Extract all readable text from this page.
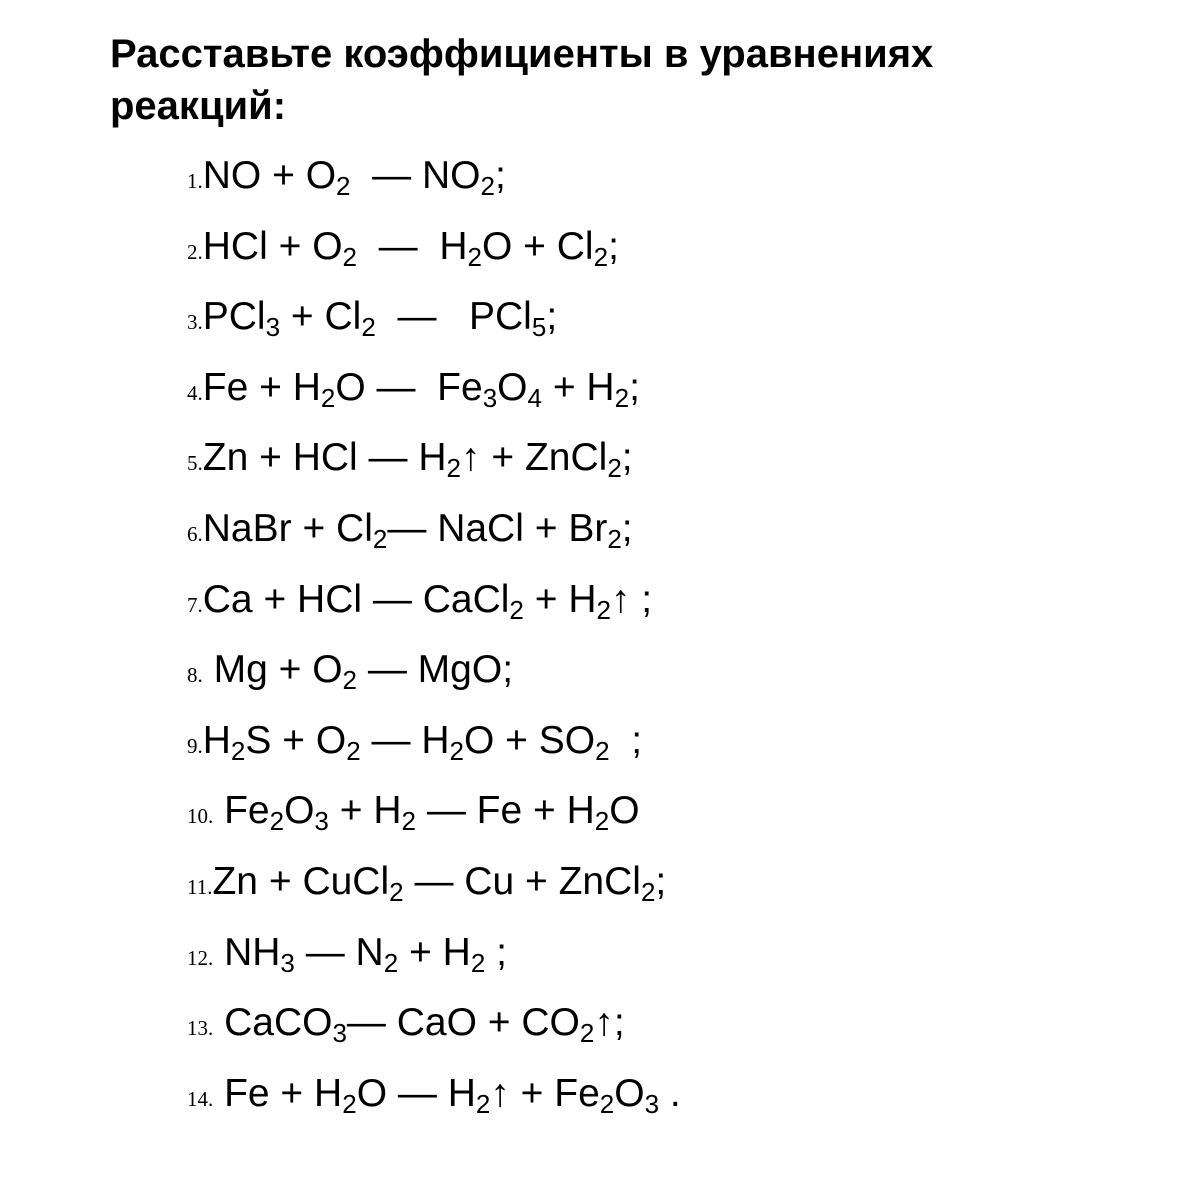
Расставьте коэффициенты в уравнениях реакций:
1. NO + $O_2$  — $NO_2$;
2. HCl + $O_2$  —  $H_2O + Cl_2$;
3. $PCl_3 + Cl_2$  —   PCl$_5$;
4. $Fe + H_2O$ —  $Fe_3O_4 + H_2$;
5. Zn + HCl — $H_2↑$ + ZnCl$_2$;
6. NaBr + $Cl_2—$ NaCl + $Br_2$;
7. Ca + HCl — CaCl$_2$ + $H_2↑$ ;
8. $Mg + O_2$ — MgO;
9. $H_2S + O_2$ — $H_2O + SO_2$  ;
10. $Fe_2O_3 + H_2$ — $Fe + H_2O$
11. Zn + CuCl$_2$ — Cu + ZnCl$_2$;
12. $NH_3$ — $N_2 + H_2$ ;
13. CaCO$_3$— CaO + $CO_2↑$;
14. $Fe + H_2O$ — $H_2↑ + Fe_2O_3$ .
